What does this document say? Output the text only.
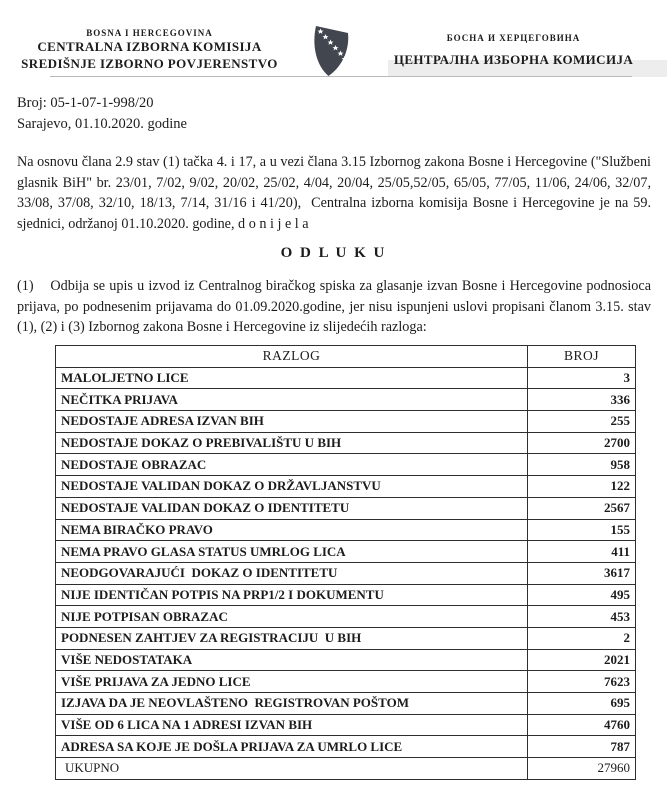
BOSNA I HERCEGOVINA
CENTRALNA IZBORNA KOMISIJA
SREDIŠNJE IZBORNO POVJERENSTVO
БОСНА И ХЕРЦЕГОВИНА
ЦЕНТРАЛНА ИЗБОРНА КОМИСИЈА
Broj: 05-1-07-1-998/20
Sarajevo, 01.10.2020. godine
Na osnovu člana 2.9 stav (1) tačka 4. i 17, a u vezi člana 3.15 Izbornog zakona Bosne i Hercegovine ("Službeni glasnik BiH" br. 23/01, 7/02, 9/02, 20/02, 25/02, 4/04, 20/04, 25/05,52/05, 65/05, 77/05, 11/06, 24/06, 32/07, 33/08, 37/08, 32/10, 18/13, 7/14, 31/16 i 41/20),  Centralna izborna komisija Bosne i Hercegovine je na 59. sjednici, održanoj 01.10.2020. godine, d o n i j e l a
O D L U K U
(1)    Odbija se upis u izvod iz Centralnog biračkog spiska za glasanje izvan Bosne i Hercegovine podnosioca prijava, po podnesenim prijavama do 01.09.2020.godine, jer nisu ispunjeni uslovi propisani članom 3.15. stav (1), (2) i (3) Izbornog zakona Bosne i Hercegovine iz slijedećih razloga:
RAZLOG	BROJ
MALOLJETNO LICE	3
NEČITKA PRIJAVA	336
NEDOSTAJE ADRESA IZVAN BIH	255
NEDOSTAJE DOKAZ O PREBIVALIŠTU U BIH	2700
NEDOSTAJE OBRAZAC	958
NEDOSTAJE VALIDAN DOKAZ O DRŽAVLJANSTVU	122
NEDOSTAJE VALIDAN DOKAZ O IDENTITETU	2567
NEMA BIRAČKO PRAVO	155
NEMA PRAVO GLASA STATUS UMRLOG LICA	411
NEODGOVARAJUĆI  DOKAZ O IDENTITETU	3617
NIJE IDENTIČAN POTPIS NA PRP1/2 I DOKUMENTU	495
NIJE POTPISAN OBRAZAC	453
PODNESEN ZAHTJEV ZA REGISTRACIJU  U BIH	2
VIŠE NEDOSTATAKA	2021
VIŠE PRIJAVA ZA JEDNO LICE	7623
IZJAVA DA JE NEOVLAŠTENO  REGISTROVAN POŠTOM	695
VIŠE OD 6 LICA NA 1 ADRESI IZVAN BIH	4760
ADRESA SA KOJE JE DOŠLA PRIJAVA ZA UMRLO LICE	787
UKUPNO	27960
